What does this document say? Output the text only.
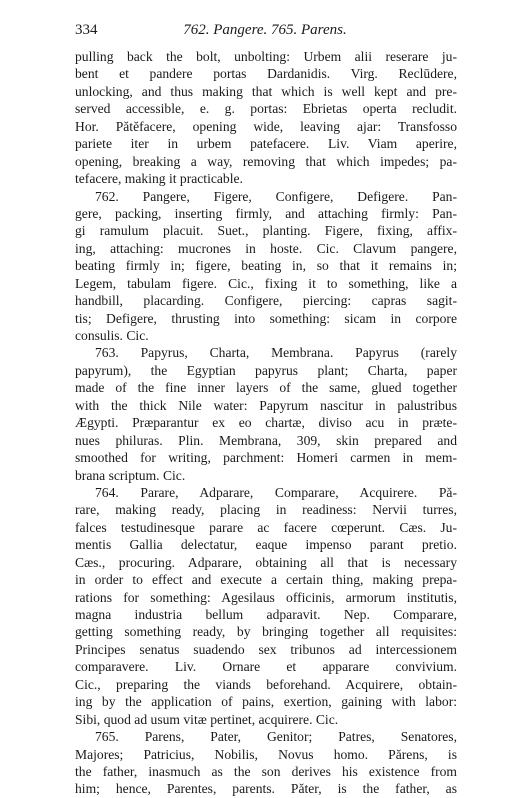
334	762. Pangere. 765. Parens.
pulling back the bolt, unbolting: Urbem alii reserare ju-
bent et pandere portas Dardanidis. Virg. Reclūdere,
unlocking, and thus making that which is well kept and pre-
served accessible, e. g. portas: Ebrietas operta recludit.
Hor. Pătĕfacere, opening wide, leaving ajar: Transfosso
pariete iter in urbem patefacere. Liv. Viam aperire,
opening, breaking a way, removing that which impedes; pa-
tefacere, making it practicable.
762. Pangere, Figere, Configere, Defigere. Pan-
gere, packing, inserting firmly, and attaching firmly: Pan-
gi ramulum placuit. Suet., planting. Figere, fixing, affix-
ing, attaching: mucrones in hoste. Cic. Clavum pangere,
beating firmly in; figere, beating in, so that it remains in;
Legem, tabulam figere. Cic., fixing it to something, like a
handbill, placarding. Configere, piercing: capras sagit-
tis; Defigere, thrusting into something: sicam in corpore
consulis. Cic.
763. Papyrus, Charta, Membrana. Papyrus (rarely
papyrum), the Egyptian papyrus plant; Charta, paper
made of the fine inner layers of the same, glued together
with the thick Nile water: Papyrum nascitur in palustribus
Ægypti. Præparantur ex eo chartæ, diviso acu in præte-
nues philuras. Plin. Membrana, 309, skin prepared and
smoothed for writing, parchment: Homeri carmen in mem-
brana scriptum. Cic.
764. Parare, Adparare, Comparare, Acquirere. Pă-
rare, making ready, placing in readiness: Nervii turres,
falces testudinesque parare ac facere cœperunt. Cæs. Ju-
mentis Gallia delectatur, eaque impenso parant pretio.
Cæs., procuring. Adparare, obtaining all that is necessary
in order to effect and execute a certain thing, making prepa-
rations for something: Agesilaus officinis, armorum institutis,
magna industria bellum adparavit. Nep. Comparare,
getting something ready, by bringing together all requisites:
Principes senatus suadendo sex tribunos ad intercessionem
comparavere. Liv. Ornare et apparare convivium.
Cic., preparing the viands beforehand. Acquirere, obtain-
ing by the application of pains, exertion, gaining with labor:
Sibi, quod ad usum vitæ pertinet, acquirere. Cic.
765. Parens, Pater, Genitor; Patres, Senatores,
Majores; Patricius, Nobilis, Novus homo. Părens, is
the father, inasmuch as the son derives his existence from
him; hence, Parentes, parents. Păter, is the father, as
